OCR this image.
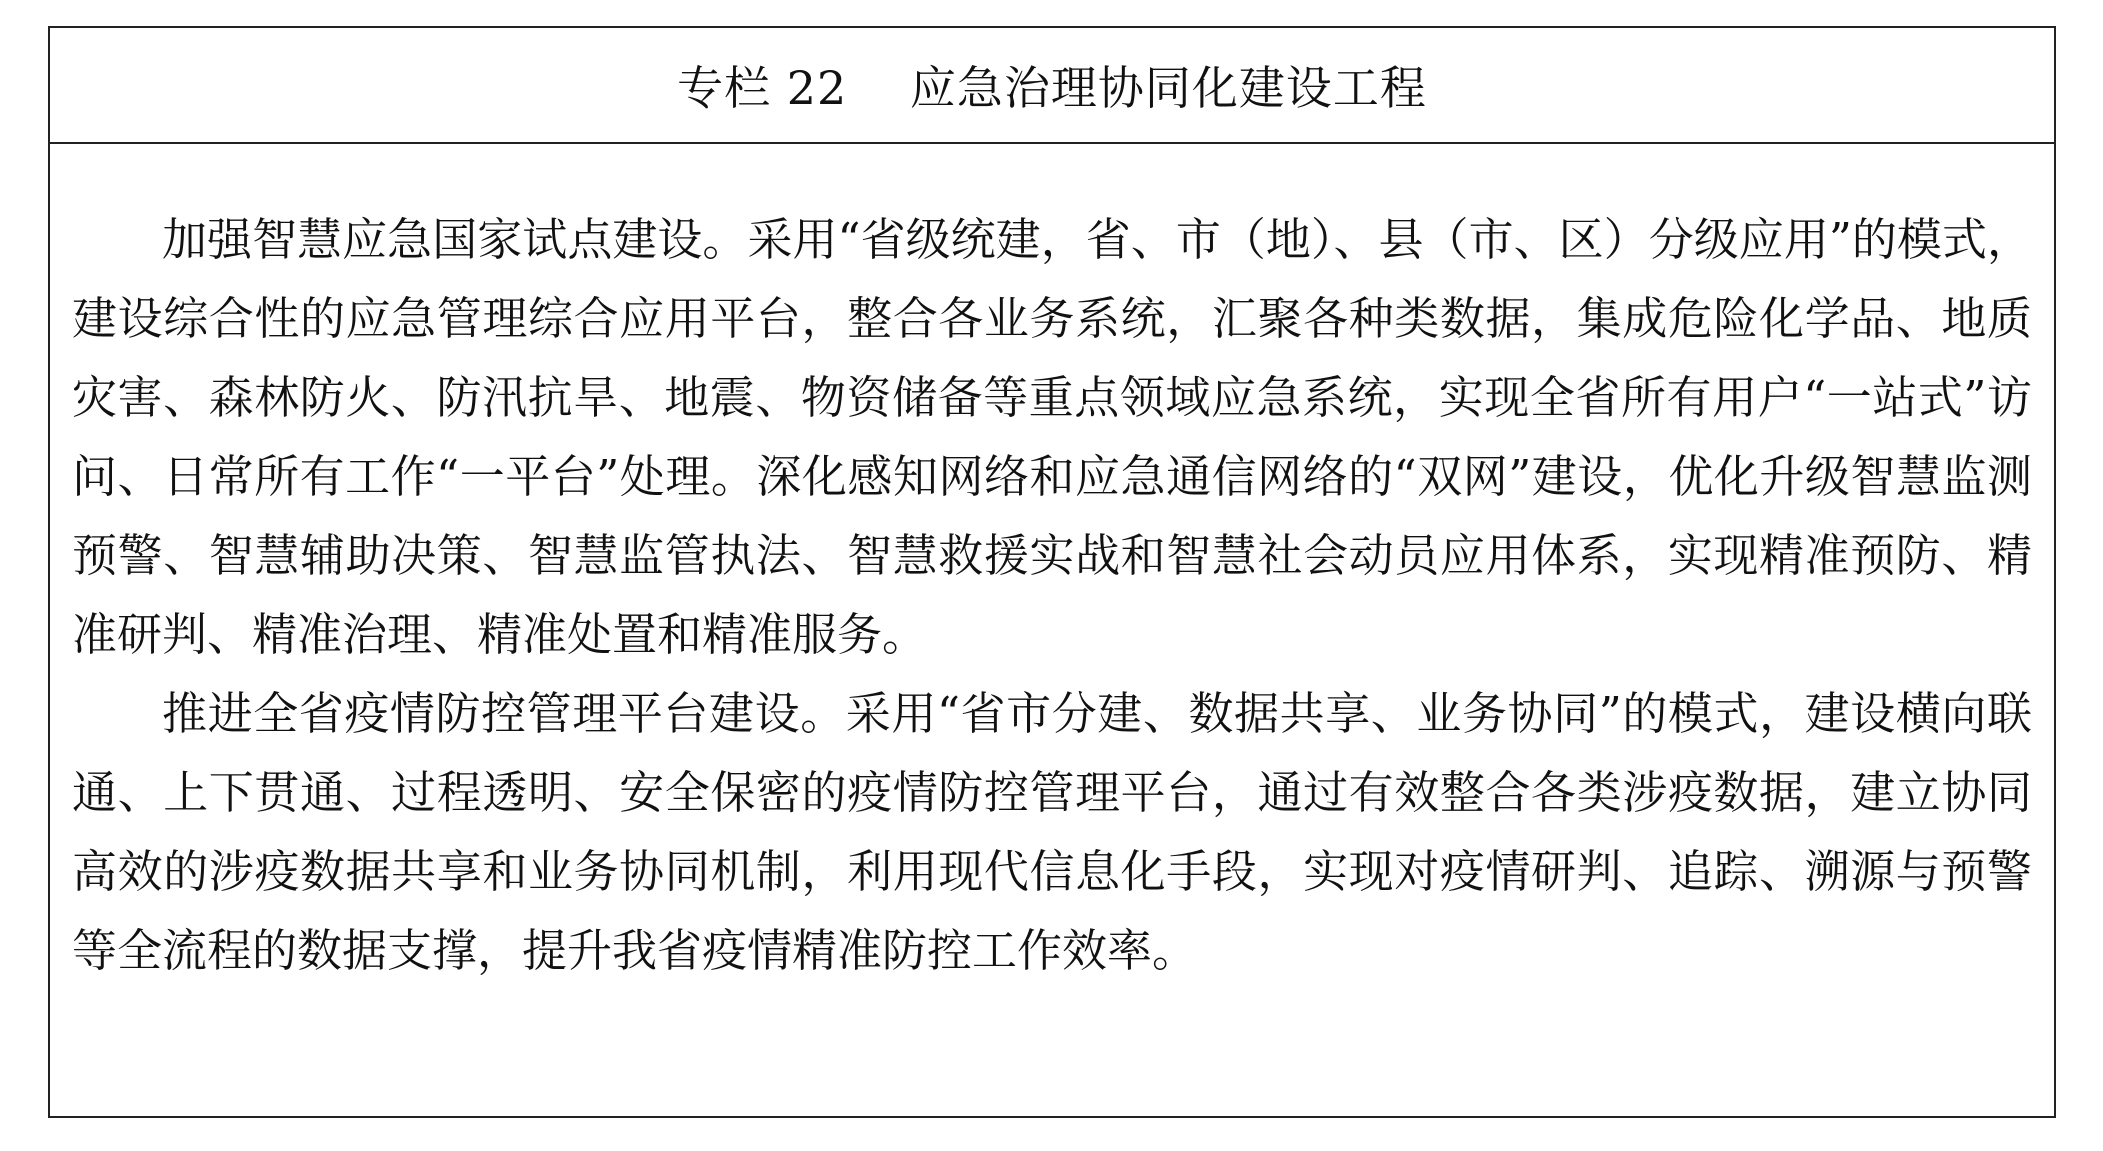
专栏 22 应急治理协同化建设工程

加强智慧应急国家试点建设。采用“省级统建，省、市（地）、县（市、区）分级应用”的模式，建设综合性的应急管理综合应用平台，整合各业务系统，汇聚各种类数据，集成危险化学品、地质灾害、森林防火、防汛抗旱、地震、物资储备等重点领域应急系统，实现全省所有用户“一站式”访问、日常所有工作“一平台”处理。深化感知网络和应急通信网络的“双网”建设，优化升级智慧监测预警、智慧辅助决策、智慧监管执法、智慧救援实战和智慧社会动员应用体系，实现精准预防、精准研判、精准治理、精准处置和精准服务。

推进全省疫情防控管理平台建设。采用“省市分建、数据共享、业务协同”的模式，建设横向联通、上下贯通、过程透明、安全保密的疫情防控管理平台，通过有效整合各类涉疫数据，建立协同高效的涉疫数据共享和业务协同机制，利用现代信息化手段，实现对疫情研判、追踪、溯源与预警等全流程的数据支撑，提升我省疫情精准防控工作效率。
